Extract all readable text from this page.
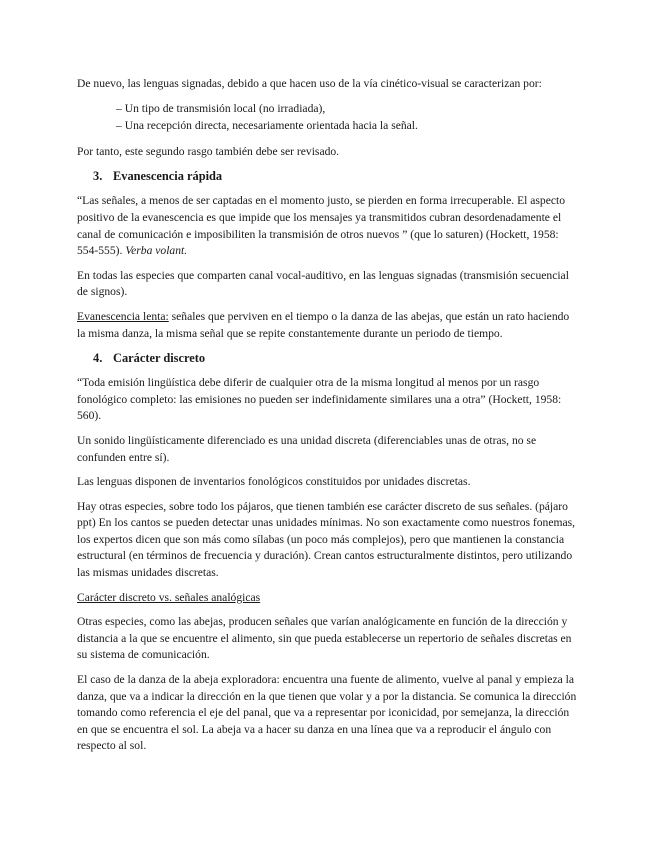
De nuevo, las lenguas signadas, debido a que hacen uso de la vía cinético-visual se caracterizan por:

– Un tipo de transmisión local (no irradiada),
– Una recepción directa, necesariamente orientada hacia la señal.

Por tanto, este segundo rasgo también debe ser revisado.

3. Evanescencia rápida

“Las señales, a menos de ser captadas en el momento justo, se pierden en forma irrecuperable. El aspecto positivo de la evanescencia es que impide que los mensajes ya transmitidos cubran desordenadamente el canal de comunicación e imposibiliten la transmisión de otros nuevos ” (que lo saturen) (Hockett, 1958: 554-555). Verba volant.

En todas las especies que comparten canal vocal-auditivo, en las lenguas signadas (transmisión secuencial de signos).

Evanescencia lenta: señales que perviven en el tiempo o la danza de las abejas, que están un rato haciendo la misma danza, la misma señal que se repite constantemente durante un periodo de tiempo.

4. Carácter discreto

“Toda emisión lingüística debe diferir de cualquier otra de la misma longitud al menos por un rasgo fonológico completo: las emisiones no pueden ser indefinidamente similares una a otra” (Hockett, 1958: 560).

Un sonido lingüísticamente diferenciado es una unidad discreta (diferenciables unas de otras, no se confunden entre sí).

Las lenguas disponen de inventarios fonológicos constituidos por unidades discretas.

Hay otras especies, sobre todo los pájaros, que tienen también ese carácter discreto de sus señales. (pájaro ppt) En los cantos se pueden detectar unas unidades mínimas. No son exactamente como nuestros fonemas, los expertos dicen que son más como sílabas (un poco más complejos), pero que mantienen la constancia estructural (en términos de frecuencia y duración). Crean cantos estructuralmente distintos, pero utilizando las mismas unidades discretas.

Carácter discreto vs. señales analógicas

Otras especies, como las abejas, producen señales que varían analógicamente en función de la dirección y distancia a la que se encuentre el alimento, sin que pueda establecerse un repertorio de señales discretas en su sistema de comunicación.

El caso de la danza de la abeja exploradora: encuentra una fuente de alimento, vuelve al panal y empieza la danza, que va a indicar la dirección en la que tienen que volar y a por la distancia. Se comunica la dirección tomando como referencia el eje del panal, que va a representar por iconicidad, por semejanza, la dirección en que se encuentra el sol. La abeja va a hacer su danza en una línea que va a reproducir el ángulo con respecto al sol.
